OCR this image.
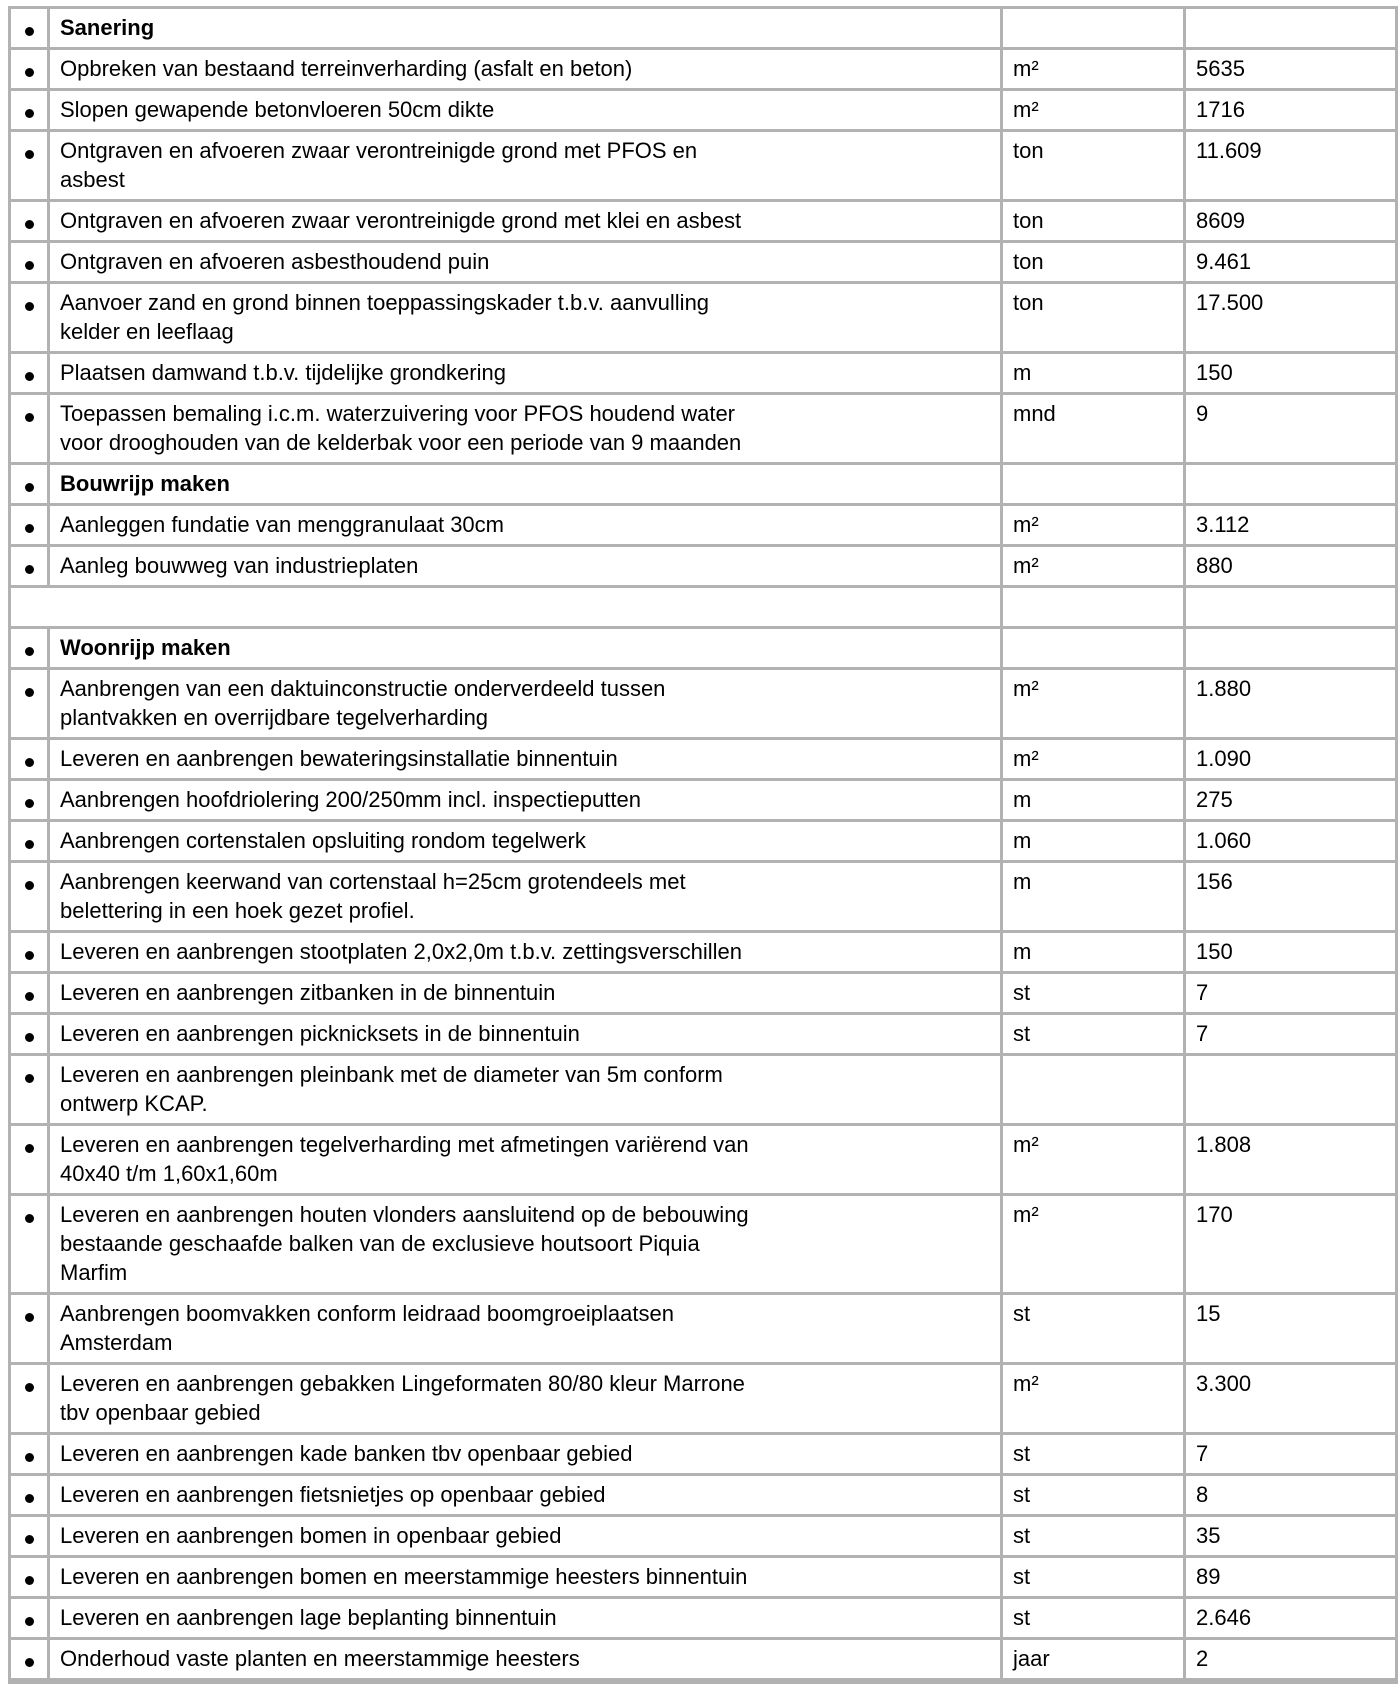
	Sanering		

	Opbreken van bestaand terreinverharding (asfalt en beton)	m²	5635

	Slopen gewapende betonvloeren 50cm dikte	m²	1716

	Ontgraven en afvoeren zwaar verontreinigde grond met PFOS en asbest	ton	11.609

	Ontgraven en afvoeren zwaar verontreinigde grond met klei en asbest	ton	8609

	Ontgraven en afvoeren asbesthoudend puin	ton	9.461

	Aanvoer zand en grond binnen toeppassingskader t.b.v. aanvulling kelder en leeflaag	ton	17.500

	Plaatsen damwand t.b.v. tijdelijke grondkering	m	150

	Toepassen bemaling i.c.m. waterzuivering voor PFOS houdend water voor drooghouden van de kelderbak voor een periode van 9 maanden	mnd	9

	Bouwrijp maken		

	Aanleggen fundatie van menggranulaat 30cm	m²	3.112

	Aanleg bouwweg van industrieplaten	m²	880

	Woonrijp maken		

	Aanbrengen van een daktuinconstructie onderverdeeld tussen plantvakken en overrijdbare tegelverharding	m²	1.880

	Leveren en aanbrengen bewateringsinstallatie binnentuin	m²	1.090

	Aanbrengen hoofdriolering 200/250mm incl. inspectieputten	m	275

	Aanbrengen cortenstalen opsluiting rondom tegelwerk	m	1.060

	Aanbrengen keerwand van cortenstaal h=25cm grotendeels met belettering in een hoek gezet profiel.	m	156

	Leveren en aanbrengen stootplaten 2,0x2,0m t.b.v. zettingsverschillen	m	150

	Leveren en aanbrengen zitbanken in de binnentuin	st	7

	Leveren en aanbrengen picknicksets in de binnentuin	st	7

	Leveren en aanbrengen pleinbank met de diameter van 5m conform ontwerp KCAP.		

	Leveren en aanbrengen tegelverharding met afmetingen variërend van 40x40 t/m 1,60x1,60m	m²	1.808

	Leveren en aanbrengen houten vlonders aansluitend op de bebouwing bestaande geschaafde balken van de exclusieve houtsoort Piquia Marfim	m²	170

	Aanbrengen boomvakken conform leidraad boomgroeiplaatsen Amsterdam	st	15

	Leveren en aanbrengen gebakken Lingeformaten 80/80 kleur Marrone tbv openbaar gebied	m²	3.300

	Leveren en aanbrengen kade banken tbv openbaar gebied	st	7

	Leveren en aanbrengen fietsnietjes op openbaar gebied	st	8

	Leveren en aanbrengen bomen in openbaar gebied	st	35

	Leveren en aanbrengen bomen en meerstammige heesters binnentuin	st	89

	Leveren en aanbrengen lage beplanting binnentuin	st	2.646

	Onderhoud vaste planten en meerstammige heesters	jaar	2
